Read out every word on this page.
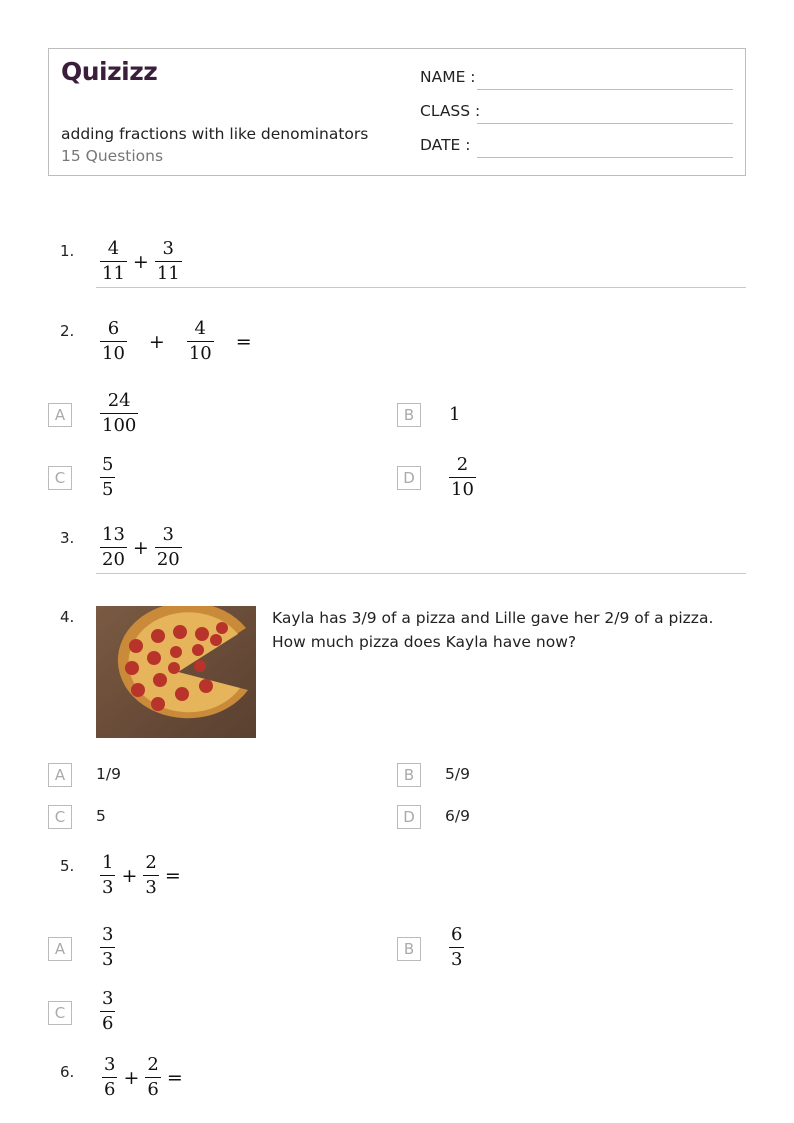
Quizizz
adding fractions with like denominators
15 Questions
NAME :
CLASS :
DATE :
1. $\frac{4}{11} + \frac{3}{11}$
2. $\frac{6}{10} + \frac{4}{10}$ =
A	$\frac{24}{100}$	B	1
C	$\frac{5}{5}$	D	$\frac{2}{10}$
3. $\frac{13}{20} + \frac{3}{20}$
4.	Kayla has 3/9 of a pizza and Lille gave her 2/9 of a pizza. How much pizza does Kayla have now?
A	1/9	B	5/9
C	5	D	6/9
5. $\frac{1}{3} + \frac{2}{3}$ =
A	$\frac{3}{3}$	B	$\frac{6}{3}$
C	$\frac{3}{6}$
6. $\frac{3}{6} + \frac{2}{6}$ =
